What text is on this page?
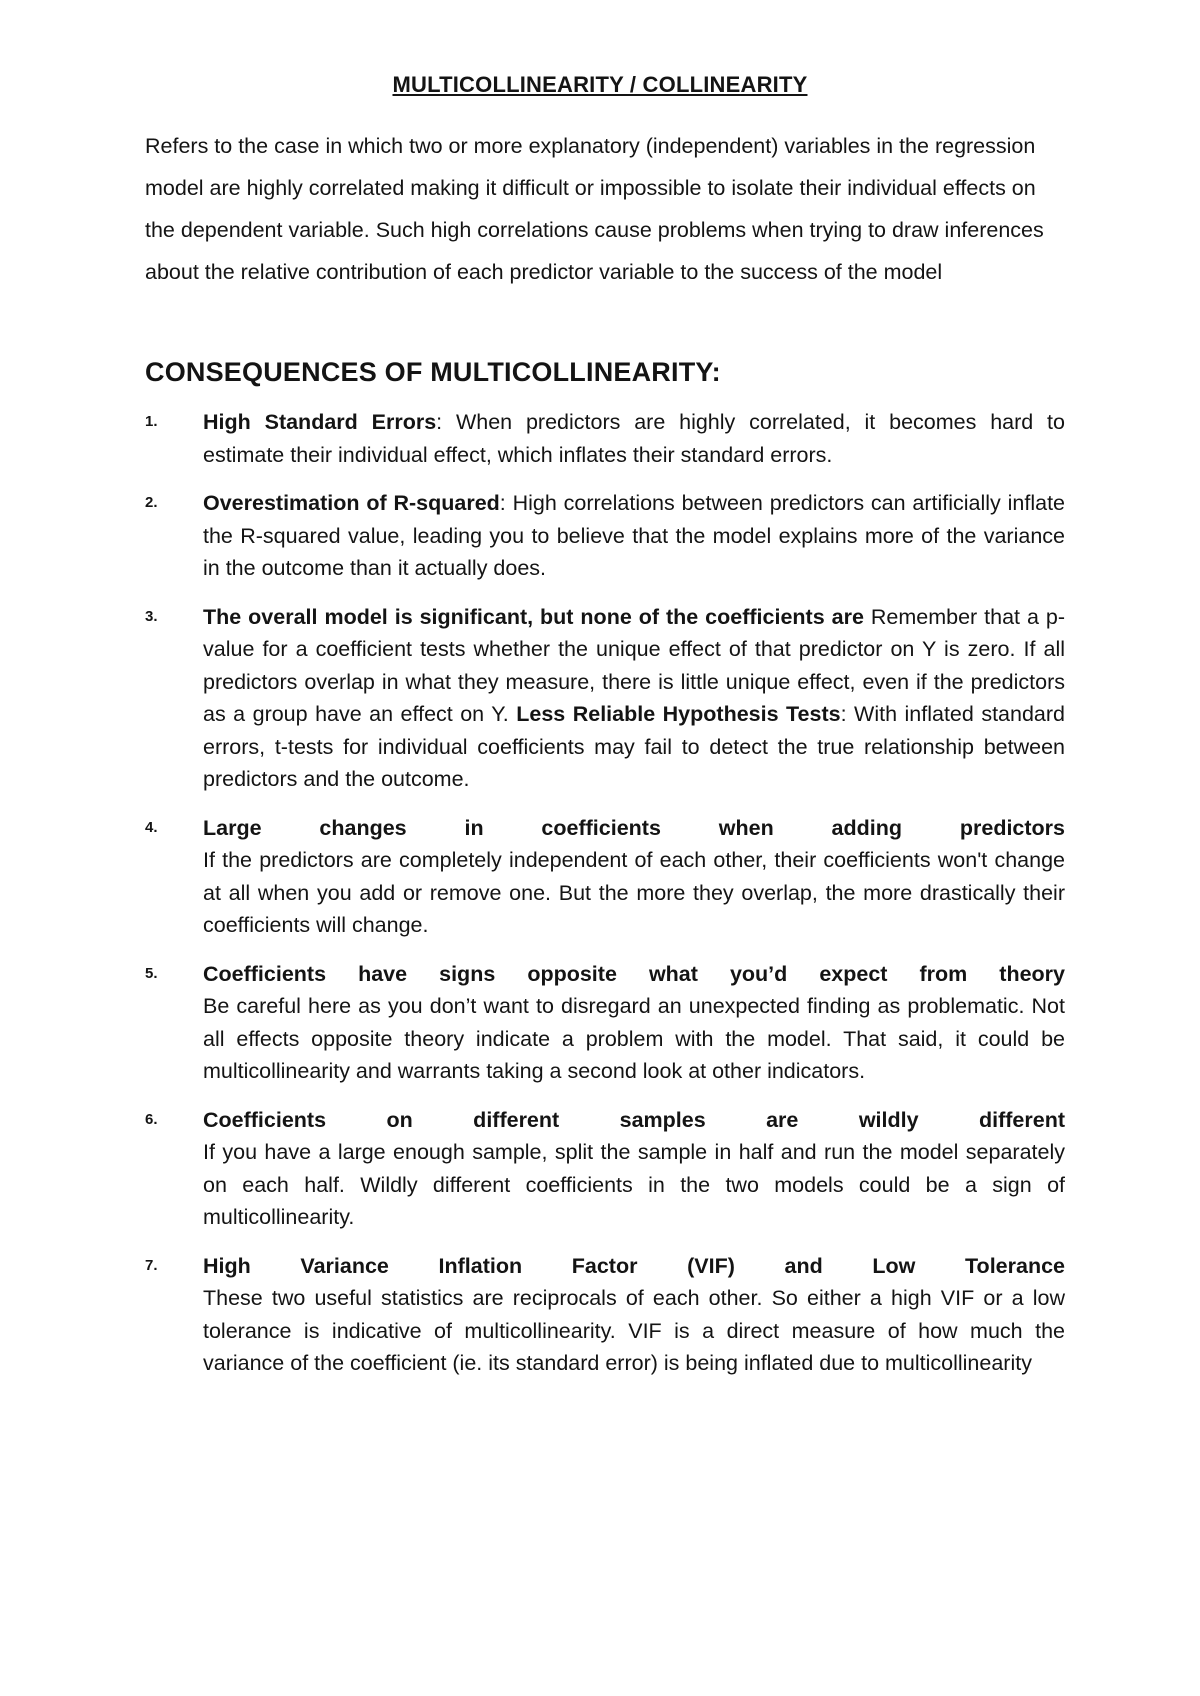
MULTICOLLINEARITY / COLLINEARITY

Refers to the case in which two or more explanatory (independent) variables in the regression model are highly correlated making it difficult or impossible to isolate their individual effects on the dependent variable. Such high correlations cause problems when trying to draw inferences about the relative contribution of each predictor variable to the success of the model

CONSEQUENCES OF MULTICOLLINEARITY:
1. High Standard Errors: When predictors are highly correlated, it becomes hard to estimate their individual effect, which inflates their standard errors.
2. Overestimation of R-squared: High correlations between predictors can artificially inflate the R-squared value, leading you to believe that the model explains more of the variance in the outcome than it actually does.
3. The overall model is significant, but none of the coefficients are Remember that a p-value for a coefficient tests whether the unique effect of that predictor on Y is zero. If all predictors overlap in what they measure, there is little unique effect, even if the predictors as a group have an effect on Y. Less Reliable Hypothesis Tests: With inflated standard errors, t-tests for individual coefficients may fail to detect the true relationship between predictors and the outcome.
4. Large changes in coefficients when adding predictors
If the predictors are completely independent of each other, their coefficients won't change at all when you add or remove one. But the more they overlap, the more drastically their coefficients will change.
5. Coefficients have signs opposite what you’d expect from theory
Be careful here as you don’t want to disregard an unexpected finding as problematic. Not all effects opposite theory indicate a problem with the model. That said, it could be multicollinearity and warrants taking a second look at other indicators.
6. Coefficients on different samples are wildly different
If you have a large enough sample, split the sample in half and run the model separately on each half. Wildly different coefficients in the two models could be a sign of multicollinearity.
7. High Variance Inflation Factor (VIF) and Low Tolerance
These two useful statistics are reciprocals of each other. So either a high VIF or a low tolerance is indicative of multicollinearity. VIF is a direct measure of how much the variance of the coefficient (ie. its standard error) is being inflated due to multicollinearity
